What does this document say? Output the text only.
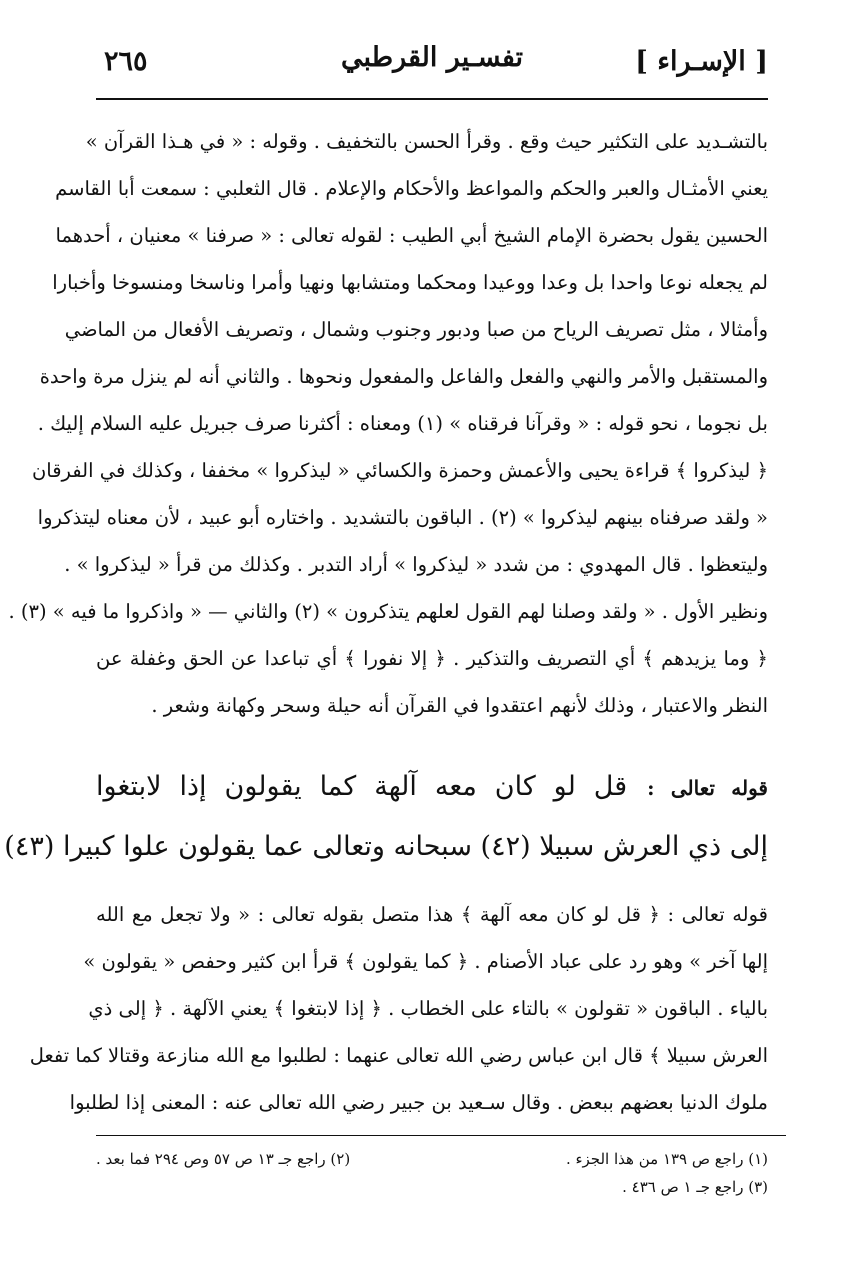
[ الإسـراء ]
تفسـير القرطبي
٢٦٥
بالتشـديد على التكثير حيث وقع . وقرأ الحسن بالتخفيف . وقوله : « في هـذا القرآن »
يعني الأمثـال والعبر والحكم والمواعظ والأحكام والإعلام . قال الثعلبي : سمعت أبا القاسم
الحسين يقول بحضرة الإمام الشيخ أبي الطيب : لقوله تعالى : « صرفنا » معنيان ، أحدهما
لم يجعله نوعا واحدا بل وعدا ووعيدا ومحكما ومتشابها ونهيا وأمرا وناسخا ومنسوخا وأخبارا
وأمثالا ، مثل تصريف الرياح من صبا ودبور وجنوب وشمال ، وتصريف الأفعال من الماضي
والمستقبل والأمر والنهي والفعل والفاعل والمفعول ونحوها . والثاني أنه لم ينزل مرة واحدة
بل نجوما ، نحو قوله : « وقرآنا فرقناه » (١) ومعناه : أكثرنا صرف جبريل عليه السلام إليك .
﴿ ليذكروا ﴾ قراءة يحيى والأعمش وحمزة والكسائي « ليذكروا » مخففا ، وكذلك في الفرقان
« ولقد صرفناه بينهم ليذكروا » (٢) . الباقون بالتشديد . واختاره أبو عبيد ، لأن معناه ليتذكروا
وليتعظوا . قال المهدوي : من شدد « ليذكروا » أراد التدبر . وكذلك من قرأ « ليذكروا » .
ونظير الأول . « ولقد وصلنا لهم القول لعلهم يتذكرون » (٢) والثاني — « واذكروا ما فيه » (٣) .
﴿ وما يزيدهم ﴾ أي التصريف والتذكير . ﴿ إلا نفورا ﴾ أي تباعدا عن الحق وغفلة عن
النظر والاعتبار ، وذلك لأنهم اعتقدوا في القرآن أنه حيلة وسحر وكهانة وشعر .
قوله تعالى :قل لو كان معه آلهة كما يقولون إذا لابتغوا
إلى ذي العرش سبيلا (٤٢) سبحانه وتعالى عما يقولون علوا كبيرا (٤٣)
قوله تعالى : ﴿ قل لو كان معه آلهة ﴾ هذا متصل بقوله تعالى : « ولا تجعل مع الله
إلها آخر » وهو رد على عباد الأصنام . ﴿ كما يقولون ﴾ قرأ ابن كثير وحفص « يقولون »
بالياء . الباقون « تقولون » بالتاء على الخطاب . ﴿ إذا لابتغوا ﴾ يعني الآلهة . ﴿ إلى ذي
العرش سبيلا ﴾ قال ابن عباس رضي الله تعالى عنهما : لطلبوا مع الله منازعة وقتالا كما تفعل
ملوك الدنيا بعضهم ببعض . وقال سـعيد بن جبير رضي الله تعالى عنه : المعنى إذا لطلبوا
(١) راجع ص ١٣٩ من هذا الجزء .
(٢) راجع جـ ١٣ ص ٥٧ وص ٢٩٤ فما بعد .
(٣) راجع جـ ١ ص ٤٣٦ .
